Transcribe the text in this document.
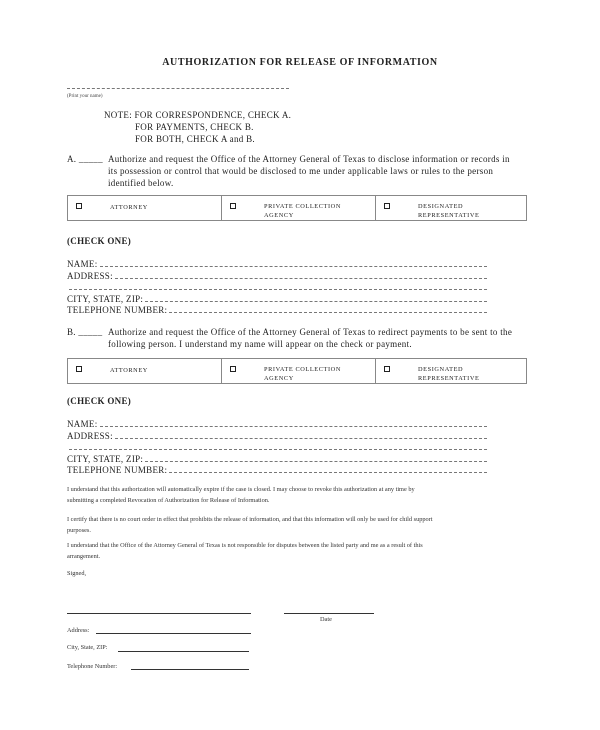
AUTHORIZATION FOR RELEASE OF INFORMATION
(Print your name)
NOTE: FOR CORRESPONDENCE, CHECK A.
FOR PAYMENTS, CHECK B.
FOR BOTH, CHECK A and B.
A. _____ Authorize and request the Office of the Attorney General of Texas to disclose information or records in
its possession or control that would be disclosed to me under applicable laws or rules to the person
identified below.
ATTORNEY	PRIVATE COLLECTION
AGENCY
DESIGNATED
REPRESENTATIVE
(CHECK ONE)
NAME:
ADDRESS:
CITY, STATE, ZIP:
TELEPHONE NUMBER:
B. _____ Authorize and request the Office of the Attorney General of Texas to redirect payments to be sent to the
following person. I understand my name will appear on the check or payment.
ATTORNEY	PRIVATE COLLECTION
AGENCY
DESIGNATED
REPRESENTATIVE
(CHECK ONE)
NAME:
ADDRESS:
CITY, STATE, ZIP:
TELEPHONE NUMBER:
I understand that this authorization will automatically expire if the case is closed. I may choose to revoke this authorization at any time by
submitting a completed Revocation of Authorization for Release of Information.
I certify that there is no court order in effect that prohibits the release of information, and that this information will only be used for child support
purposes.
I understand that the Office of the Attorney General of Texas is not responsible for disputes between the listed party and me as a result of this
arrangement.
Signed,
Date
Address:
City, State, ZIP:
Telephone Number:
